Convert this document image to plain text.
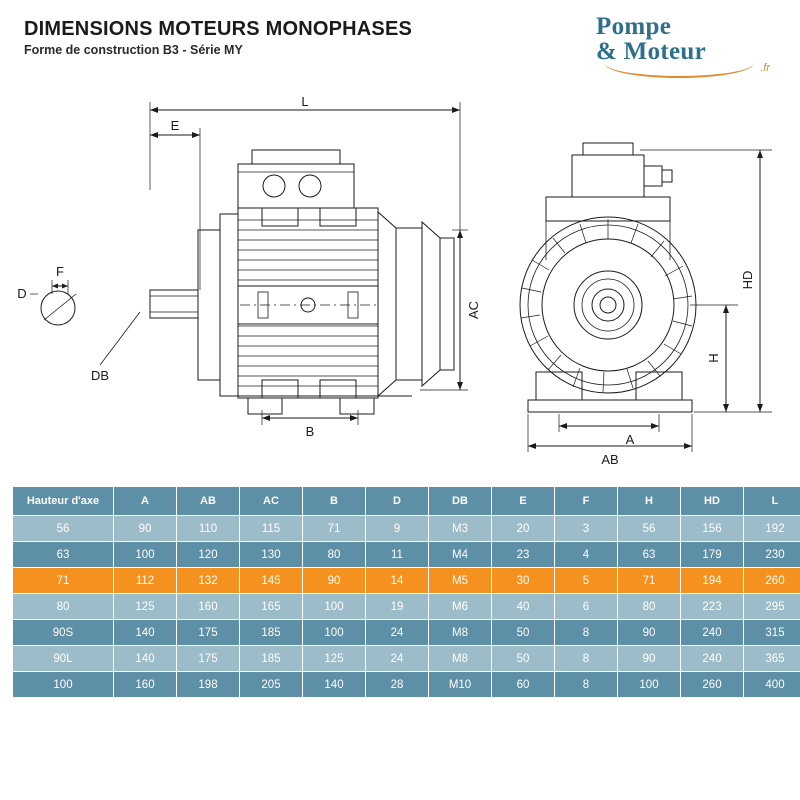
DIMENSIONS MOTEURS MONOPHASES
Forme de construction B3 - Série MY
Pompe
& Moteur
.fr
L
E
F
D
DB
B
A
AB
AC
HD
H
Hauteur d'axe	A	AB	AC	B	D	DB	E	F	H	HD	L
56	90	110	115	71	9	M3	20	3	56	156	192
63	100	120	130	80	11	M4	23	4	63	179	230
71	112	132	145	90	14	M5	30	5	71	194	260
80	125	160	165	100	19	M6	40	6	80	223	295
90S	140	175	185	100	24	M8	50	8	90	240	315
90L	140	175	185	125	24	M8	50	8	90	240	365
100	160	198	205	140	28	M10	60	8	100	260	400
